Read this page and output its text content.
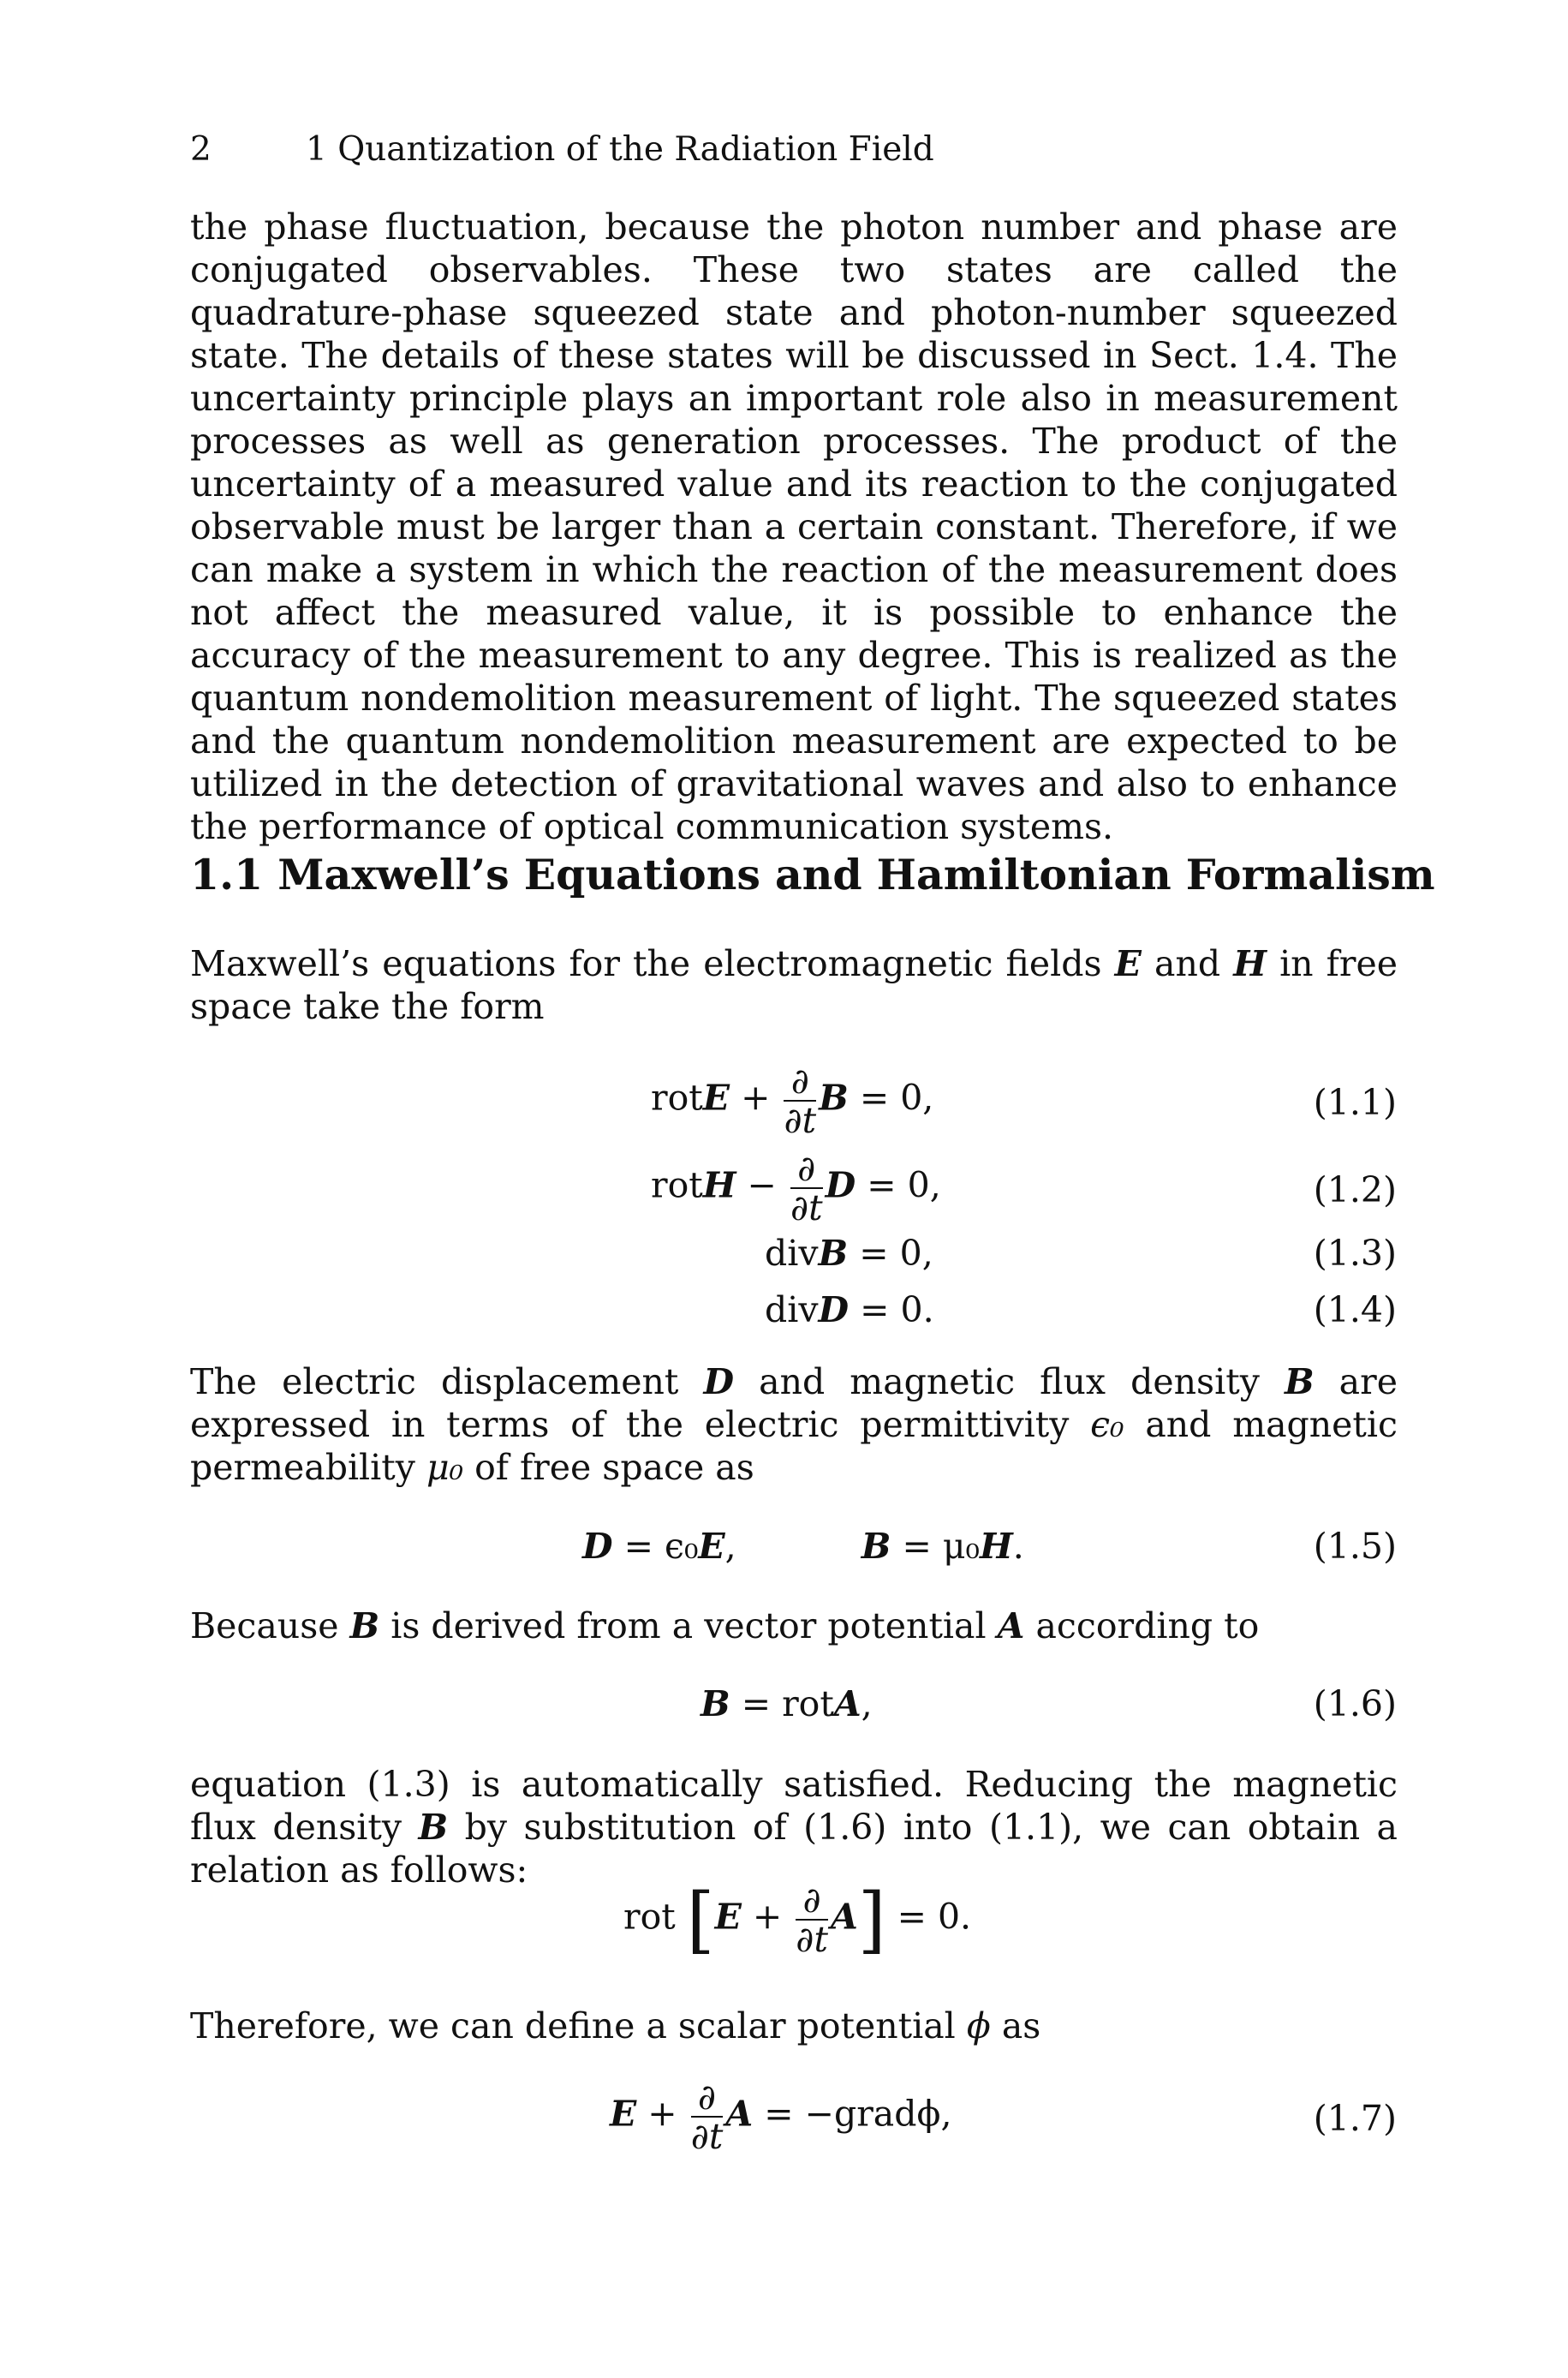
2	1 Quantization of the Radiation Field
the phase fluctuation, because the photon number and phase are conjugated observables. These two states are called the quadrature-phase squeezed state and photon-number squeezed state. The details of these states will be discussed in Sect. 1.4. The uncertainty principle plays an important role also in measurement processes as well as generation processes. The product of the uncertainty of a measured value and its reaction to the conjugated observable must be larger than a certain constant. Therefore, if we can make a system in which the reaction of the measurement does not affect the measured value, it is possible to enhance the accuracy of the measurement to any degree. This is realized as the quantum nondemolition measurement of light. The squeezed states and the quantum nondemolition measurement are expected to be utilized in the detection of gravitational waves and also to enhance the performance of optical communication systems.
1.1 Maxwell’s Equations and Hamiltonian Formalism
Maxwell’s equations for the electromagnetic fields E and H in free space take the form
rotE + $\frac{\partial}{\partial t}$ B = 0,	(1.1)
rotH − $\frac{\partial}{\partial t}$ D = 0,	(1.2)
divB = 0,	(1.3)
divD = 0.	(1.4)
The electric displacement D and magnetic flux density B are expressed in terms of the electric permittivity ϵ₀ and magnetic permeability μ₀ of free space as
D = ϵ₀E,	B = μ₀H.	(1.5)
Because B is derived from a vector potential A according to
B = rotA,	(1.6)
equation (1.3) is automatically satisfied. Reducing the magnetic flux density B by substitution of (1.6) into (1.1), we can obtain a relation as follows:
rot $[E + \frac{\partial}{\partial t} A] = 0$.
Therefore, we can define a scalar potential ϕ as
$E + \frac{\partial}{\partial t}$ A = −gradϕ,	(1.7)
